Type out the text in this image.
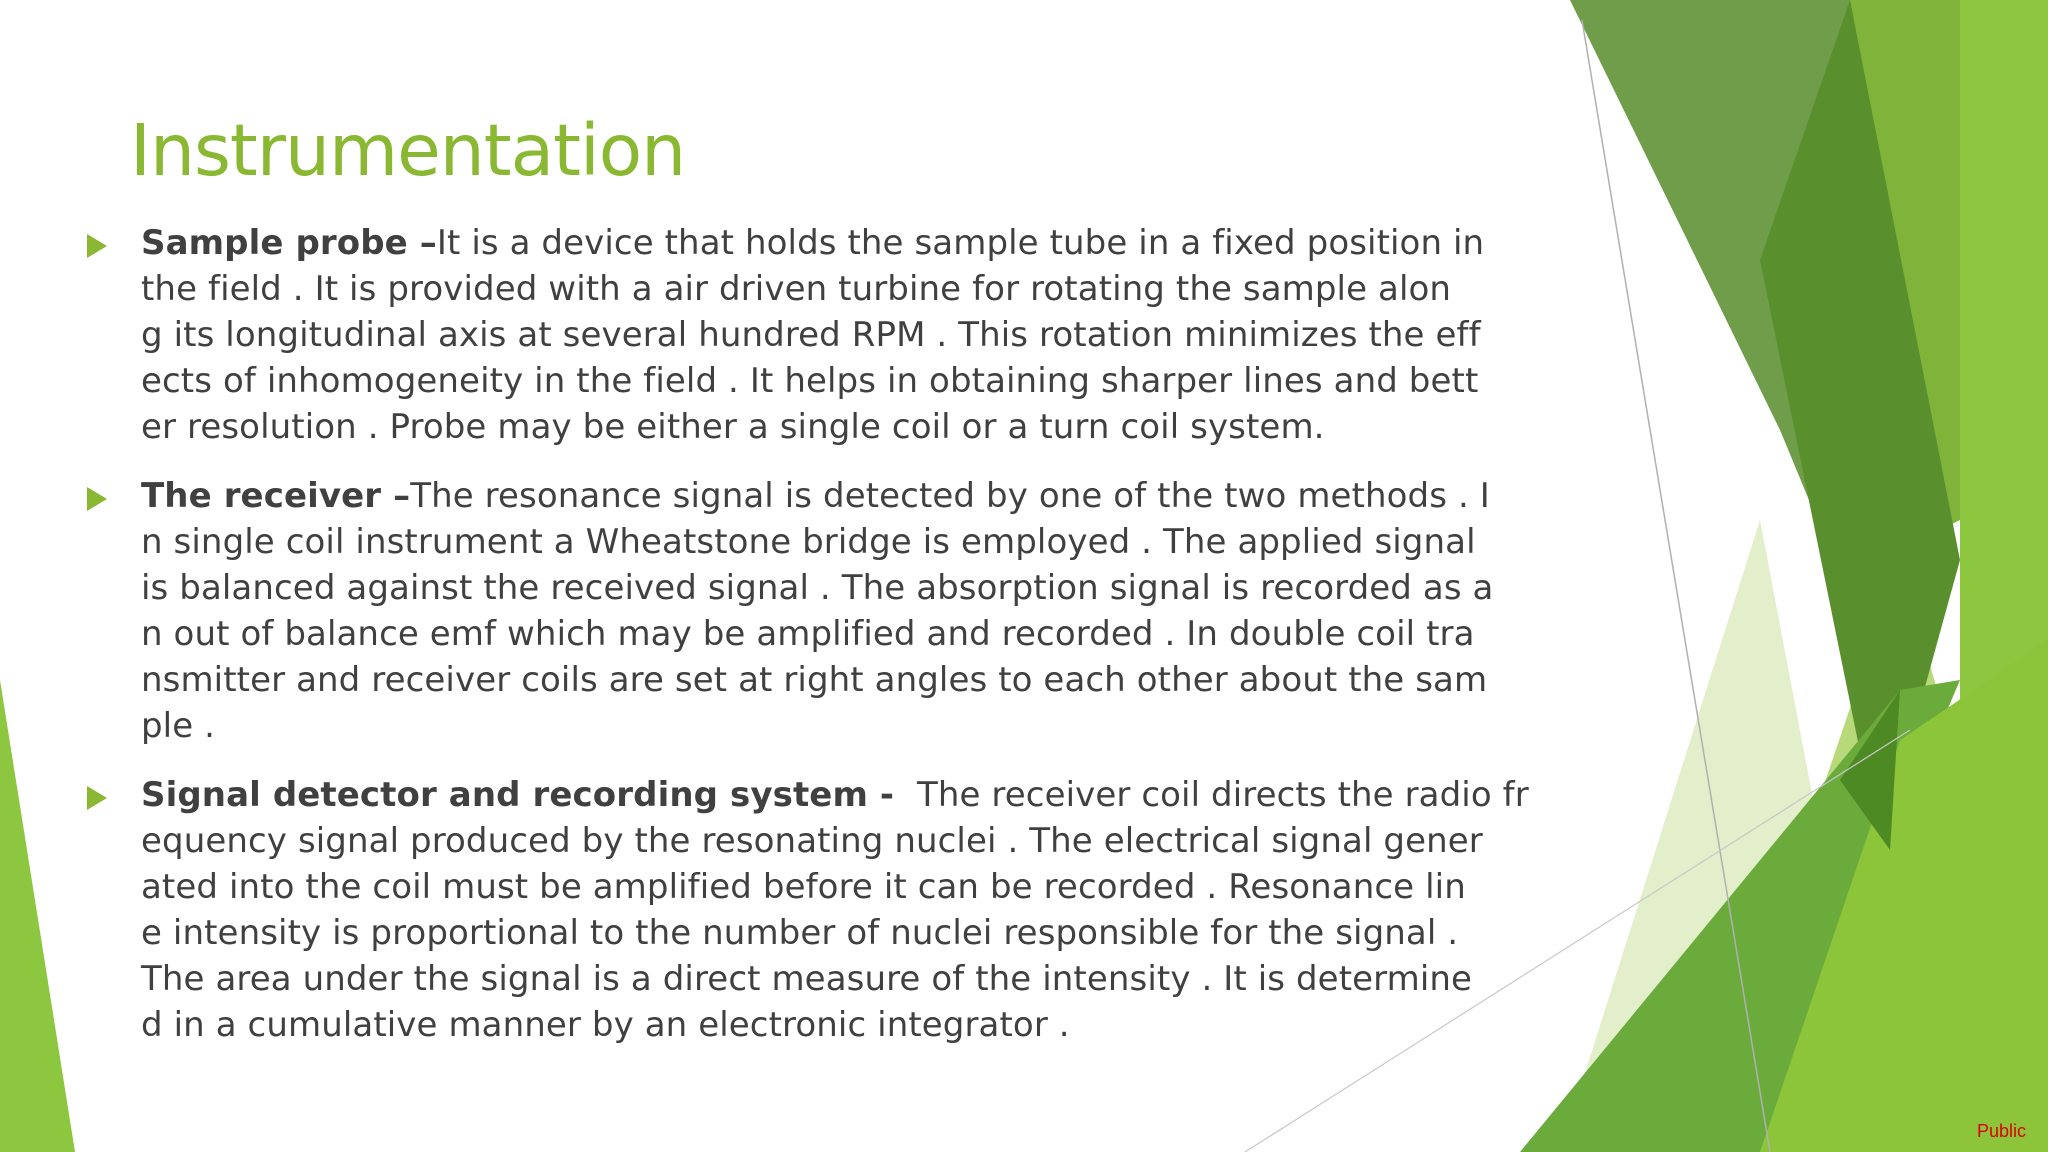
Instrumentation

Sample probe –It is a device that holds the sample tube in a fixed position in
the field . It is provided with a air driven turbine for rotating the sample alon
g its longitudinal axis at several hundred RPM . This rotation minimizes the eff
ects of inhomogeneity in the field . It helps in obtaining sharper lines and bett
er resolution . Probe may be either a single coil or a turn coil system.

The receiver –The resonance signal is detected by one of the two methods . I
n single coil instrument a Wheatstone bridge is employed . The applied signal
is balanced against the received signal . The absorption signal is recorded as a
n out of balance emf which may be amplified and recorded . In double coil tra
nsmitter and receiver coils are set at right angles to each other about the sam
ple .

Signal detector and recording system -  The receiver coil directs the radio fr
equency signal produced by the resonating nuclei . The electrical signal gener
ated into the coil must be amplified before it can be recorded . Resonance lin
e intensity is proportional to the number of nuclei responsible for the signal .
The area under the signal is a direct measure of the intensity . It is determine
d in a cumulative manner by an electronic integrator .

Public
